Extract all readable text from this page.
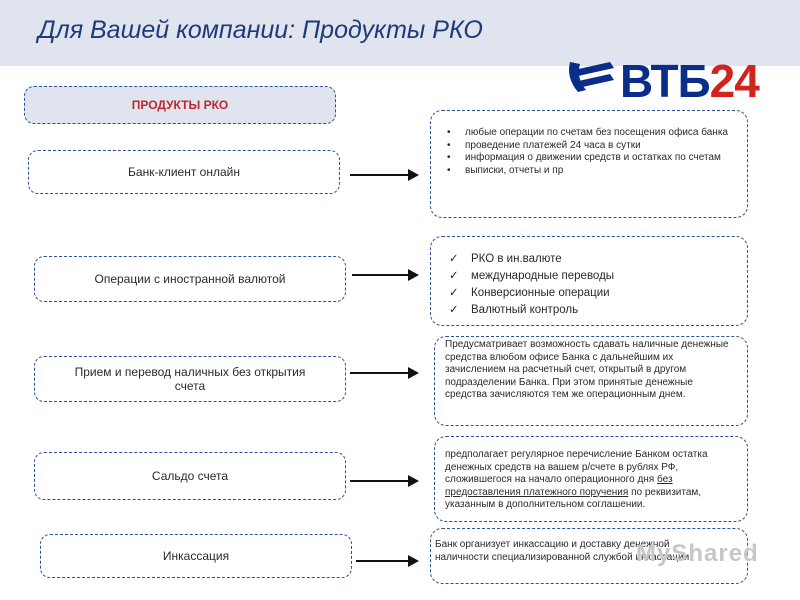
Для Вашей компании: Продукты РКО
ВТБ24
ПРОДУКТЫ РКО
Банк-клиент онлайн
Операции с иностранной валютой
Прием и перевод наличных без открытия счета
Сальдо счета
Инкассация
• любые операции по счетам без посещения офиса банка
• проведение платежей 24 часа в сутки
• информация о движении средств и остатках по счетам
• выписки, отчеты и пр
✓ РКО в ин.валюте
✓ международные переводы
✓ Конверсионные операции
✓ Валютный контроль
Предусматривает возможность сдавать наличные денежные средства влюбом офисе Банка с дальнейшим их зачислением на расчетный счет, открытый в другом подразделении Банка. При этом принятые денежные средства зачисляются тем же операционным днем.
предполагает регулярное перечисление Банком остатка денежных средств на вашем р/счете в рублях РФ, сложившегося на начало операционного дня без предоставления платежного поручения по реквизитам, указанным в дополнительном соглашении.
Банк организует инкассацию и доставку денежной наличности специализированной службой инкассации
MyShared
